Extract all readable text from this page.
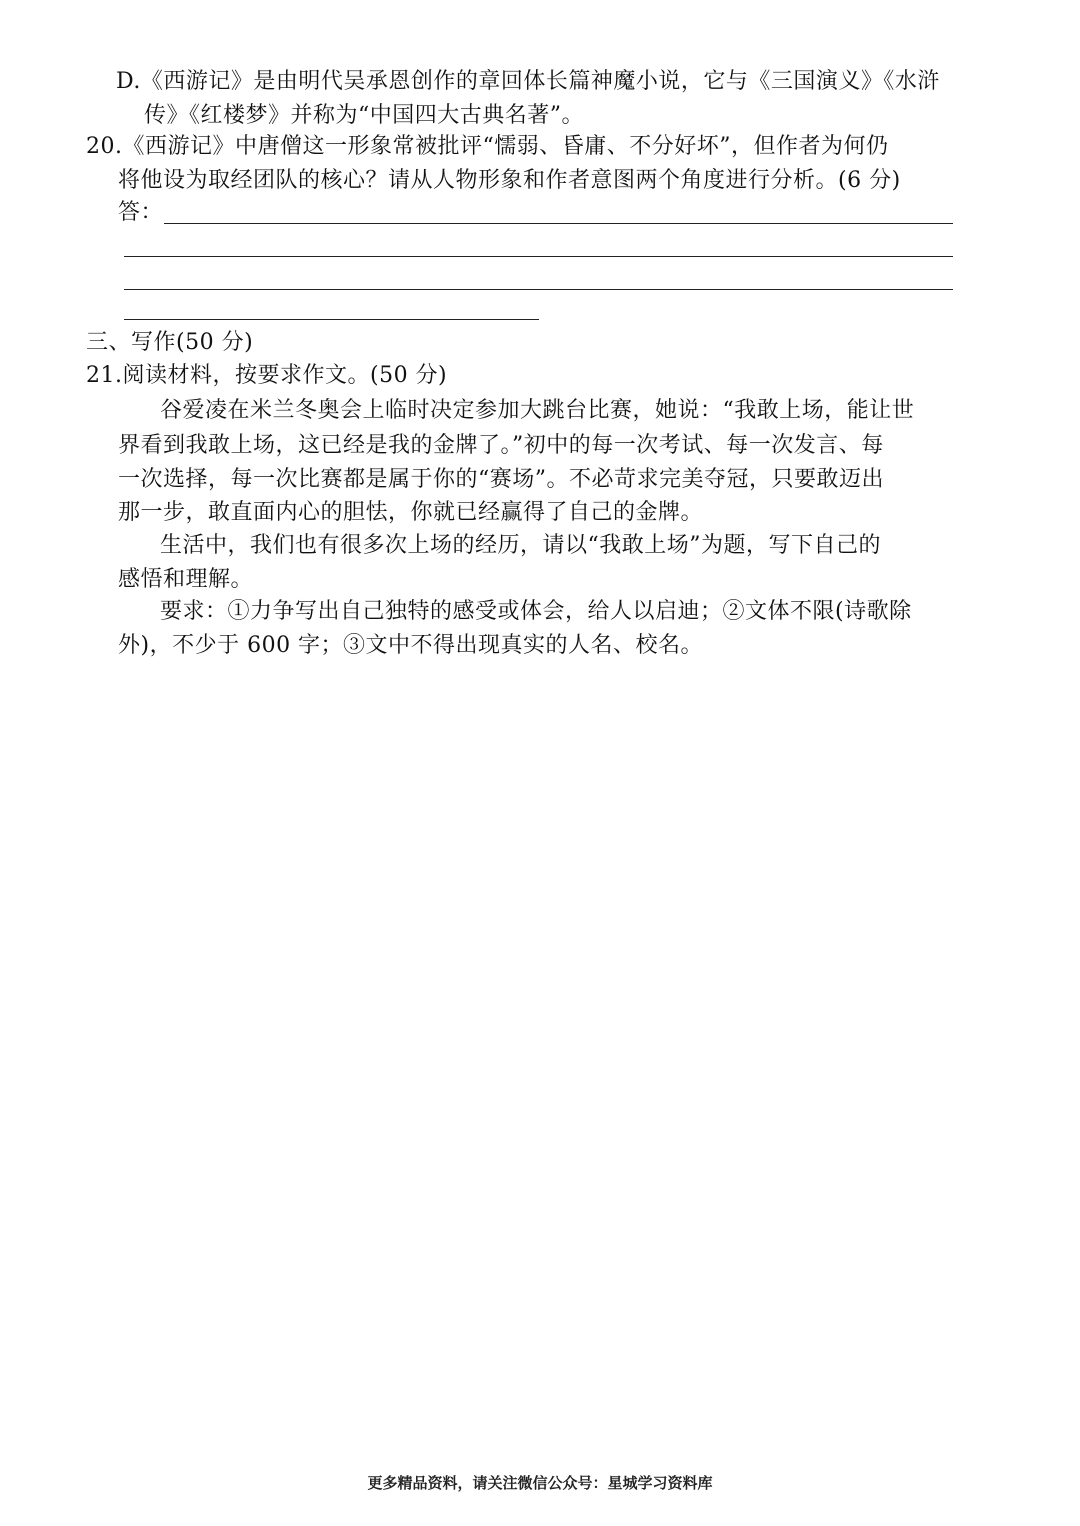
D.《西游记》是由明代吴承恩创作的章回体长篇神魔小说，它与《三国演义》《水浒
传》《红楼梦》并称为“中国四大古典名著”。
20.《西游记》中唐僧这一形象常被批评“懦弱、昏庸、不分好坏”，但作者为何仍
将他设为取经团队的核心？请从人物形象和作者意图两个角度进行分析。(6 分)
答：
三、写作(50 分)
21.阅读材料，按要求作文。(50 分)
谷爱凌在米兰冬奥会上临时决定参加大跳台比赛，她说：“我敢上场，能让世
界看到我敢上场，这已经是我的金牌了。”初中的每一次考试、每一次发言、每
一次选择，每一次比赛都是属于你的“赛场”。不必苛求完美夺冠，只要敢迈出
那一步，敢直面内心的胆怯，你就已经赢得了自己的金牌。
生活中，我们也有很多次上场的经历，请以“我敢上场”为题，写下自己的
感悟和理解。
要求：①力争写出自己独特的感受或体会，给人以启迪；②文体不限(诗歌除
外)，不少于 600 字；③文中不得出现真实的人名、校名。
更多精品资料，请关注微信公众号：星城学习资料库
